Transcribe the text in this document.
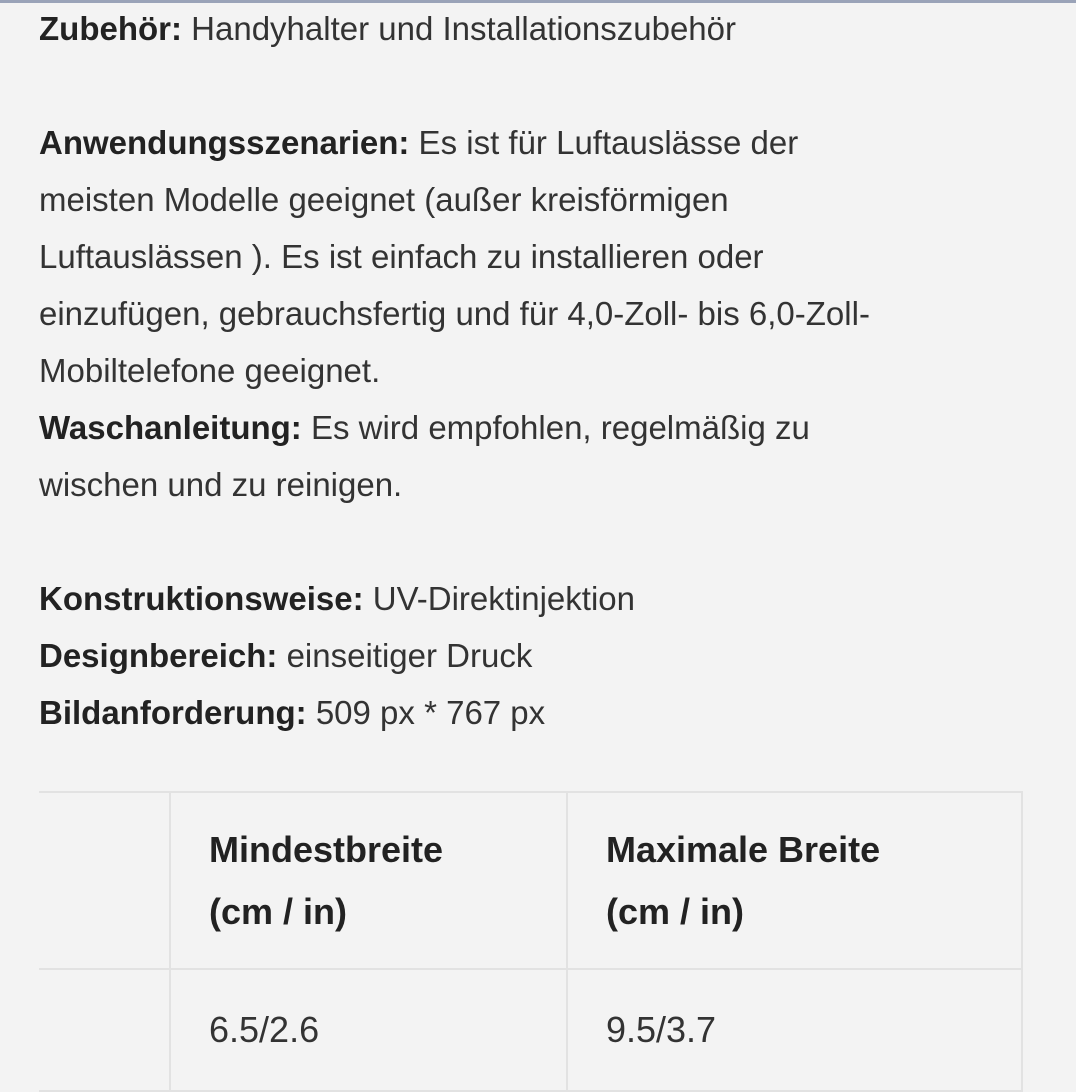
Zubehör: Handyhalter und Installationszubehör

Anwendungsszenarien: Es ist für Luftauslässe der

meisten Modelle geeignet (außer kreisförmigen

Luftauslässen ). Es ist einfach zu installieren oder

einzufügen, gebrauchsfertig und für 4,0-Zoll- bis 6,0-Zoll-

Mobiltelefone geeignet.

Waschanleitung: Es wird empfohlen, regelmäßig zu

wischen und zu reinigen.

Konstruktionsweise: UV-Direktinjektion

Designbereich: einseitiger Druck

Bildanforderung: 509 px * 767 px

	Mindestbreite
(cm / in)	Maximale Breite
(cm / in)

	6.5/2.6	9.5/3.7
